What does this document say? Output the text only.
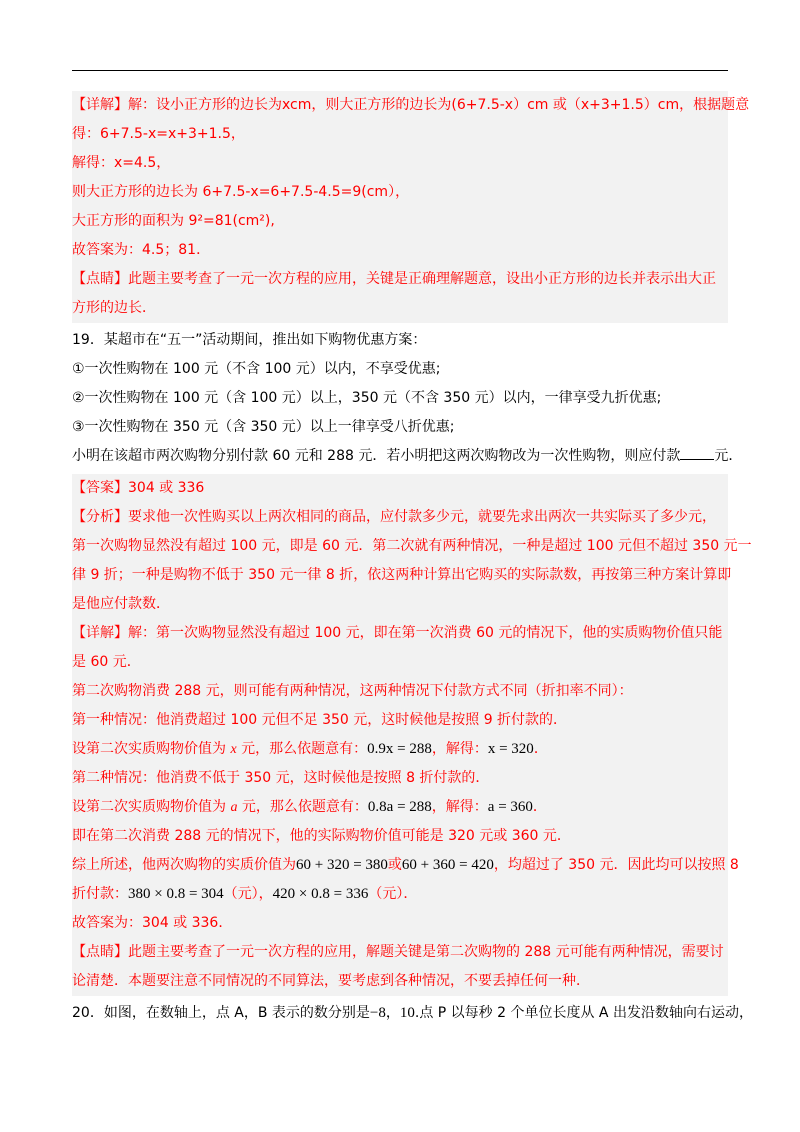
【详解】解：设小正方形的边长为xcm，则大正方形的边长为(6+7.5-x）cm 或（x+3+1.5）cm，根据题意
得：6+7.5-x=x+3+1.5，
解得：x=4.5，
则大正方形的边长为 6+7.5-x=6+7.5-4.5=9(cm），
大正方形的面积为 9²=81(cm²),
故答案为：4.5；81．
【点睛】此题主要考查了一元一次方程的应用，关键是正确理解题意，设出小正方形的边长并表示出大正
方形的边长．
19．某超市在“五一”活动期间，推出如下购物优惠方案：
①一次性购物在 100 元（不含 100 元）以内，不享受优惠;
②一次性购物在 100 元（含 100 元）以上，350 元（不含 350 元）以内，一律享受九折优惠;
③一次性购物在 350 元（含 350 元）以上一律享受八折优惠;
小明在该超市两次购物分别付款 60 元和 288 元．若小明把这两次购物改为一次性购物，则应付款 元．
【答案】304 或 336
【分析】要求他一次性购买以上两次相同的商品，应付款多少元，就要先求出两次一共实际买了多少元，
第一次购物显然没有超过 100 元，即是 60 元．第二次就有两种情况，一种是超过 100 元但不超过 350 元一
律 9 折；一种是购物不低于 350 元一律 8 折，依这两种计算出它购买的实际款数，再按第三种方案计算即
是他应付款数．
【详解】解：第一次购物显然没有超过 100 元，即在第一次消费 60 元的情况下，他的实质购物价值只能
是 60 元．
第二次购物消费 288 元，则可能有两种情况，这两种情况下付款方式不同（折扣率不同）：
第一种情况：他消费超过 100 元但不足 350 元，这时候他是按照 9 折付款的．
设第二次实质购物价值为 x 元，那么依题意有：0.9x = 288，解得：x = 320．
第二种情况：他消费不低于 350 元，这时候他是按照 8 折付款的．
设第二次实质购物价值为 a 元，那么依题意有：0.8a = 288，解得：a = 360．
即在第二次消费 288 元的情况下，他的实际购物价值可能是 320 元或 360 元．
综上所述，他两次购物的实质价值为60 + 320 = 380或60 + 360 = 420，均超过了 350 元．因此均可以按照 8
折付款：380 × 0.8 = 304（元），420 × 0.8 = 336（元）．
故答案为：304 或 336．
【点睛】此题主要考查了一元一次方程的应用，解题关键是第二次购物的 288 元可能有两种情况，需要讨
论清楚．本题要注意不同情况的不同算法，要考虑到各种情况，不要丢掉任何一种．
20．如图，在数轴上，点 A，B 表示的数分别是−8，10.点 P 以每秒 2 个单位长度从 A 出发沿数轴向右运动，
